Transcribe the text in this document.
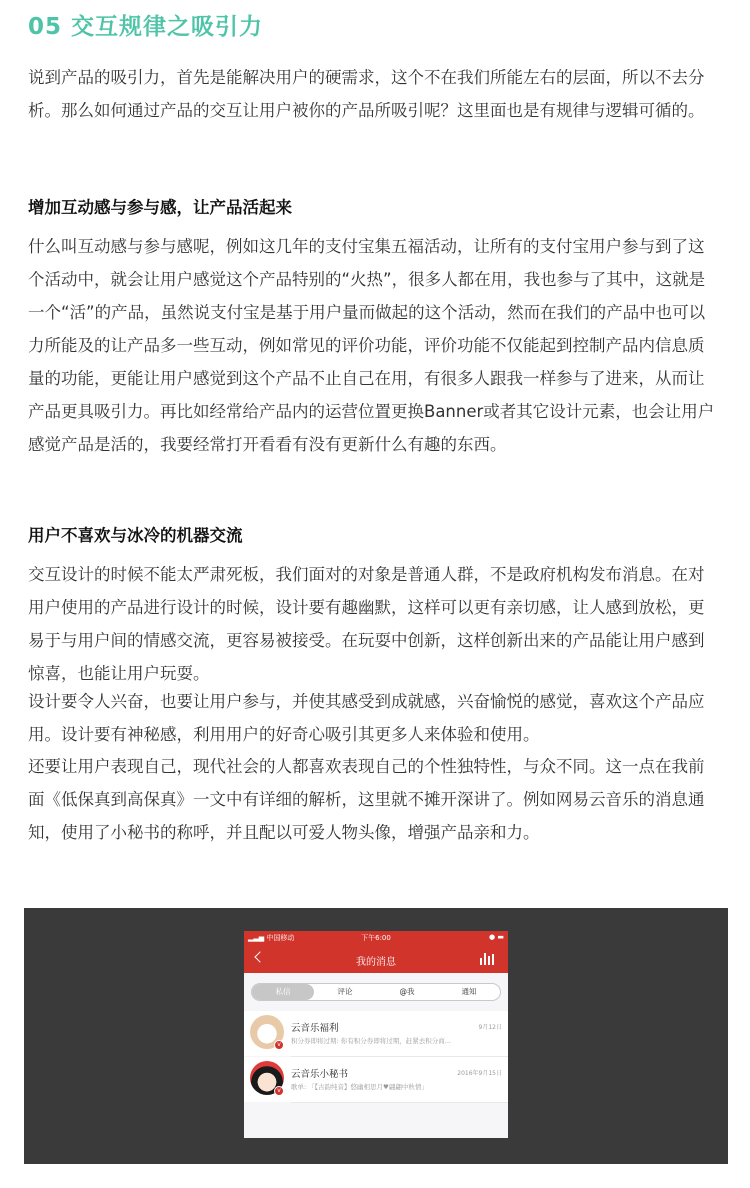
05 交互规律之吸引力

说到产品的吸引力，首先是能解决用户的硬需求，这个不在我们所能左右的层面，所以不去分析。那么如何通过产品的交互让用户被你的产品所吸引呢？这里面也是有规律与逻辑可循的。

增加互动感与参与感，让产品活起来

什么叫互动感与参与感呢，例如这几年的支付宝集五福活动，让所有的支付宝用户参与到了这个活动中，就会让用户感觉这个产品特别的“火热”，很多人都在用，我也参与了其中，这就是一个“活”的产品，虽然说支付宝是基于用户量而做起的这个活动，然而在我们的产品中也可以力所能及的让产品多一些互动，例如常见的评价功能，评价功能不仅能起到控制产品内信息质量的功能，更能让用户感觉到这个产品不止自己在用，有很多人跟我一样参与了进来，从而让产品更具吸引力。再比如经常给产品内的运营位置更换Banner或者其它设计元素，也会让用户感觉产品是活的，我要经常打开看看有没有更新什么有趣的东西。

用户不喜欢与冰冷的机器交流

交互设计的时候不能太严肃死板，我们面对的对象是普通人群，不是政府机构发布消息。在对用户使用的产品进行设计的时候，设计要有趣幽默，这样可以更有亲切感，让人感到放松，更易于与用户间的情感交流，更容易被接受。在玩耍中创新，这样创新出来的产品能让用户感到惊喜，也能让用户玩耍。

设计要令人兴奋，也要让用户参与，并使其感受到成就感，兴奋愉悦的感觉，喜欢这个产品应用。设计要有神秘感，利用用户的好奇心吸引其更多人来体验和使用。

还要让用户表现自己，现代社会的人都喜欢表现自己的个性独特性，与众不同。这一点在我前面《低保真到高保真》一文中有详细的解析，这里就不摊开深讲了。例如网易云音乐的消息通知，使用了小秘书的称呼，并且配以可爱人物头像，增强产品亲和力。

▂▃▅ 中国移动	下午6:00	● ▬
我的消息
私信	评论	@我	通知
v
云音乐福利	9月12日
积分券即将过期: 你有积分券即将过期，赶紧去积分商...
v
云音乐小秘书	2016年9月15日
歌单: 「【古韵纯音】悠幽相思月♥翩翩中秋情」
